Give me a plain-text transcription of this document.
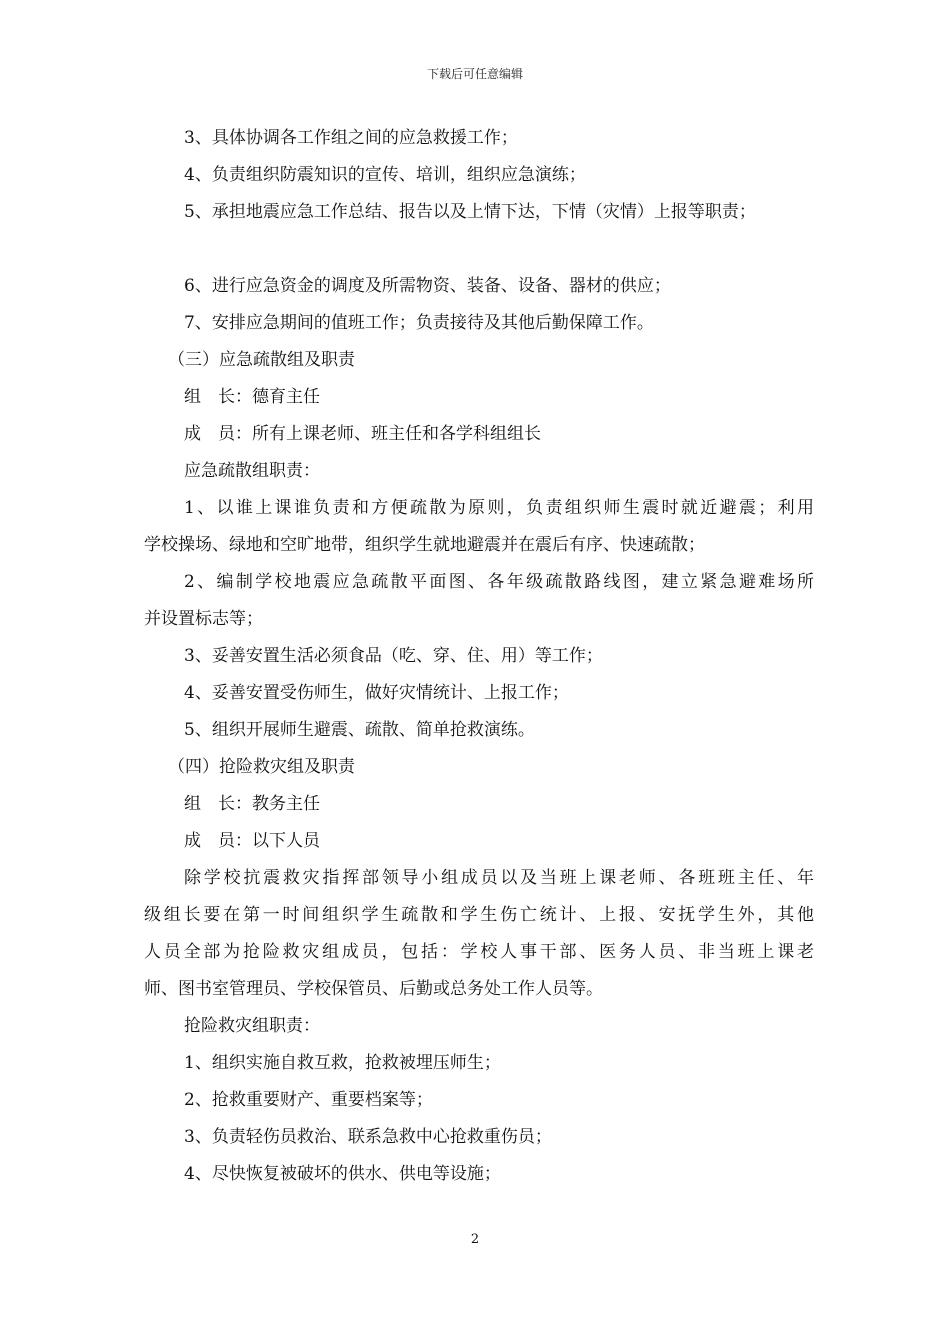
下载后可任意编辑
3、具体协调各工作组之间的应急救援工作；
4、负责组织防震知识的宣传、培训，组织应急演练；
5、承担地震应急工作总结、报告以及上情下达，下情（灾情）上报等职责；
6、进行应急资金的调度及所需物资、装备、设备、器材的供应；
7、安排应急期间的值班工作；负责接待及其他后勤保障工作。
（三）应急疏散组及职责
组　长：德育主任
成　员：所有上课老师、班主任和各学科组组长
应急疏散组职责：
1、以谁上课谁负责和方便疏散为原则，负责组织师生震时就近避震；利用
学校操场、绿地和空旷地带，组织学生就地避震并在震后有序、快速疏散；
2、编制学校地震应急疏散平面图、各年级疏散路线图，建立紧急避难场所
并设置标志等；
3、妥善安置生活必须食品（吃、穿、住、用）等工作；
4、妥善安置受伤师生，做好灾情统计、上报工作；
5、组织开展师生避震、疏散、简单抢救演练。
（四）抢险救灾组及职责
组　长：教务主任
成　员：以下人员
除学校抗震救灾指挥部领导小组成员以及当班上课老师、各班班主任、年
级组长要在第一时间组织学生疏散和学生伤亡统计、上报、安抚学生外，其他
人员全部为抢险救灾组成员，包括：学校人事干部、医务人员、非当班上课老
师、图书室管理员、学校保管员、后勤或总务处工作人员等。
抢险救灾组职责：
1、组织实施自救互救，抢救被埋压师生；
2、抢救重要财产、重要档案等；
3、负责轻伤员救治、联系急救中心抢救重伤员；
4、尽快恢复被破坏的供水、供电等设施；
2
